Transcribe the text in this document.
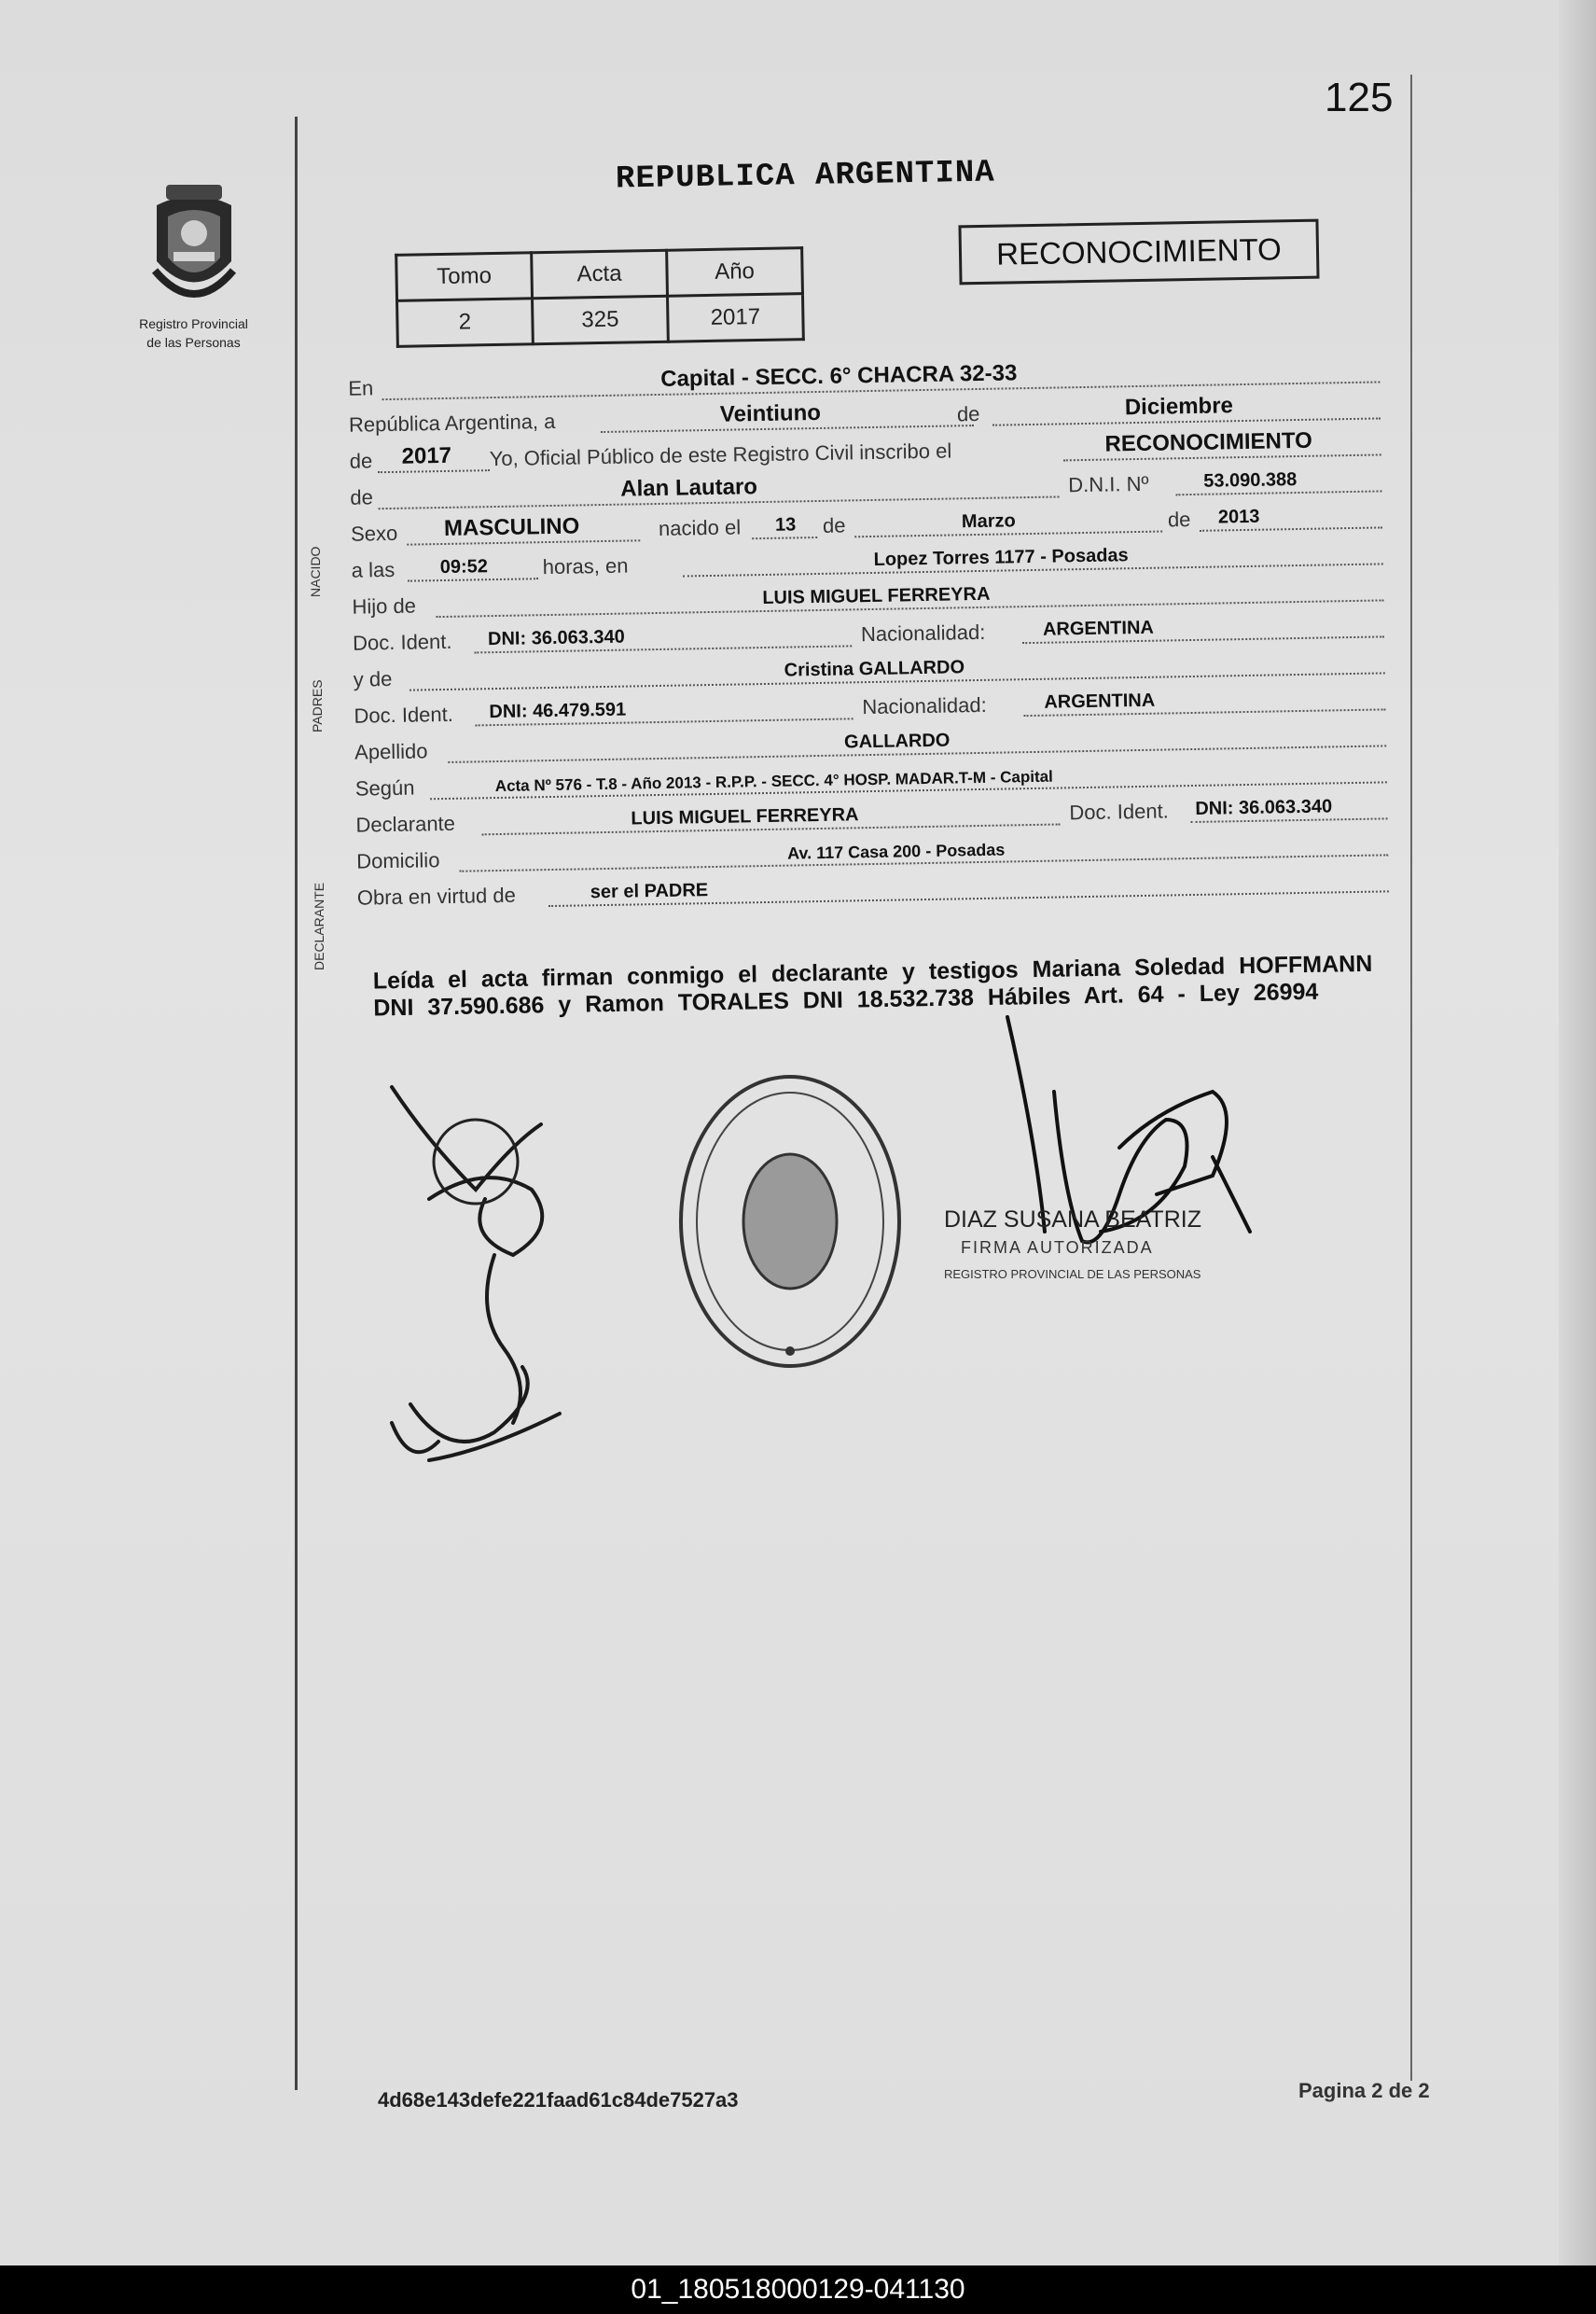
125
Registro Provincial
de las Personas
REPUBLICA ARGENTINA
Tomo	Acta	Año
2	325	2017
RECONOCIMIENTO
NACIDO
PADRES
DECLARANTE
En	Capital - SECC. 6° CHACRA 32-33
República Argentina, a	Veintiuno	de	Diciembre
de 2017 Yo, Oficial Público de este Registro Civil inscribo el	RECONOCIMIENTO
de	Alan Lautaro	D.N.I. Nº	53.090.388
Sexo MASCULINO	nacido el 13 de	Marzo	de 2013
a las 09:52	horas, en	Lopez Torres 1177 - Posadas
Hijo de	LUIS MIGUEL FERREYRA
Doc. Ident. DNI: 36.063.340	Nacionalidad:	ARGENTINA
y de	Cristina GALLARDO
Doc. Ident. DNI: 46.479.591	Nacionalidad:	ARGENTINA
Apellido	GALLARDO
Según	Acta Nº 576 - T.8 - Año 2013 - R.P.P. - SECC. 4° HOSP. MADAR.T-M - Capital
Declarante	LUIS MIGUEL FERREYRA	Doc. Ident. DNI: 36.063.340
Domicilio	Av. 117 Casa 200 - Posadas
Obra en virtud de	ser el PADRE
Leída el acta firman conmigo el declarante y testigos Mariana Soledad HOFFMANN DNI 37.590.686 y Ramon TORALES DNI 18.532.738 Hábiles Art. 64 - Ley 26994
DIAZ SUSANA BEATRIZ
FIRMA AUTORIZADA
REGISTRO PROVINCIAL DE LAS PERSONAS
4d68e143defe221faad61c84de7527a3	Pagina 2 de 2
01_180518000129-041130
